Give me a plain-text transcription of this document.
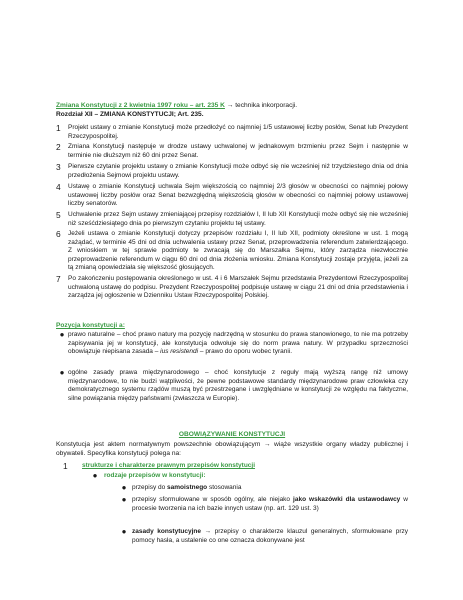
Zmiana Konstytucji z 2 kwietnia 1997 roku – art. 235 K → technika inkorporacji.
Rozdział XII – ZMIANA KONSTYTUCJI; Art. 235.
1	Projekt ustawy o zmianie Konstytucji może przedłożyć co najmniej 1/5 ustawowej liczby posłów, Senat lub Prezydent Rzeczypospolitej.
2	Zmiana Konstytucji następuje w drodze ustawy uchwalonej w jednakowym brzmieniu przez Sejm i następnie w terminie nie dłuższym niż 60 dni przez Senat.
3	Pierwsze czytanie projektu ustawy o zmianie Konstytucji może odbyć się nie wcześniej niż trzydziestego dnia od dnia przedłożenia Sejmowi projektu ustawy.
4	Ustawę o zmianie Konstytucji uchwala Sejm większością co najmniej 2/3 głosów w obecności co najmniej połowy ustawowej liczby posłów oraz Senat bezwzględną większością głosów w obecności co najmniej połowy ustawowej liczby senatorów.
5	Uchwalenie przez Sejm ustawy zmieniającej przepisy rozdziałów I, II lub XII Konstytucji może odbyć się nie wcześniej niż sześćdziesiątego dnia po pierwszym czytaniu projektu tej ustawy.
6	Jeżeli ustawa o zmianie Konstytucji dotyczy przepisów rozdziału I, II lub XII, podmioty określone w ust. 1 mogą zażądać, w terminie 45 dni od dnia uchwalenia ustawy przez Senat, przeprowadzenia referendum zatwierdzającego. Z wnioskiem w tej sprawie podmioty te zwracają się do Marszałka Sejmu, który zarządza niezwłocznie przeprowadzenie referendum w ciągu 60 dni od dnia złożenia wniosku. Zmiana Konstytucji zostaje przyjęta, jeżeli za tą zmianą opowiedziała się większość głosujących.
7	Po zakończeniu postępowania określonego w ust. 4 i 6 Marszałek Sejmu przedstawia Prezydentowi Rzeczypospolitej uchwaloną ustawę do podpisu. Prezydent Rzeczypospolitej podpisuje ustawę w ciągu 21 dni od dnia przedstawienia i zarządza jej ogłoszenie w Dzienniku Ustaw Rzeczypospolitej Polskiej.
Pozycja konstytucji a:
● prawo naturalne – choć prawo natury ma pozycję nadrzędną w stosunku do prawa stanowionego, to nie ma potrzeby zapisywania jej w konstytucji, ale konstytucja odwołuje się do norm prawa natury. W przypadku sprzeczności obowiązuje niepisana zasada – ius resistendi – prawo do oporu wobec tyranii.
● ogólne zasady prawa międzynarodowego – choć konstytucje z reguły mają wyższą rangę niż umowy międzynarodowe, to nie budzi wątpliwości, że pewne podstawowe standardy międzynarodowe praw człowieka czy demokratycznego systemu rządów muszą być przestrzegane i uwzględniane w konstytucji ze względu na faktyczne, silne powiązania między państwami (zwłaszcza w Europie).
OBOWIĄZYWANIE KONSTYTUCJI
Konstytucja jest aktem normatywnym powszechnie obowiązującym → wiąże wszystkie organy władzy publicznej i obywateli. Specyfika konstytucji polega na:
1	strukturze i charakterze prawnym przepisów konstytucji
●	rodzaje przepisów w konstytucji:
● przepisy do samoistnego stosowania
● przepisy sformułowane w sposób ogólny, ale niejako jako wskazówki dla ustawodawcy w procesie tworzenia na ich bazie innych ustaw (np. art. 129 ust. 3)
● zasady konstytucyjne → przepisy o charakterze klauzul generalnych, sformułowane przy pomocy hasła, a ustalenie co one oznacza dokonywane jest
